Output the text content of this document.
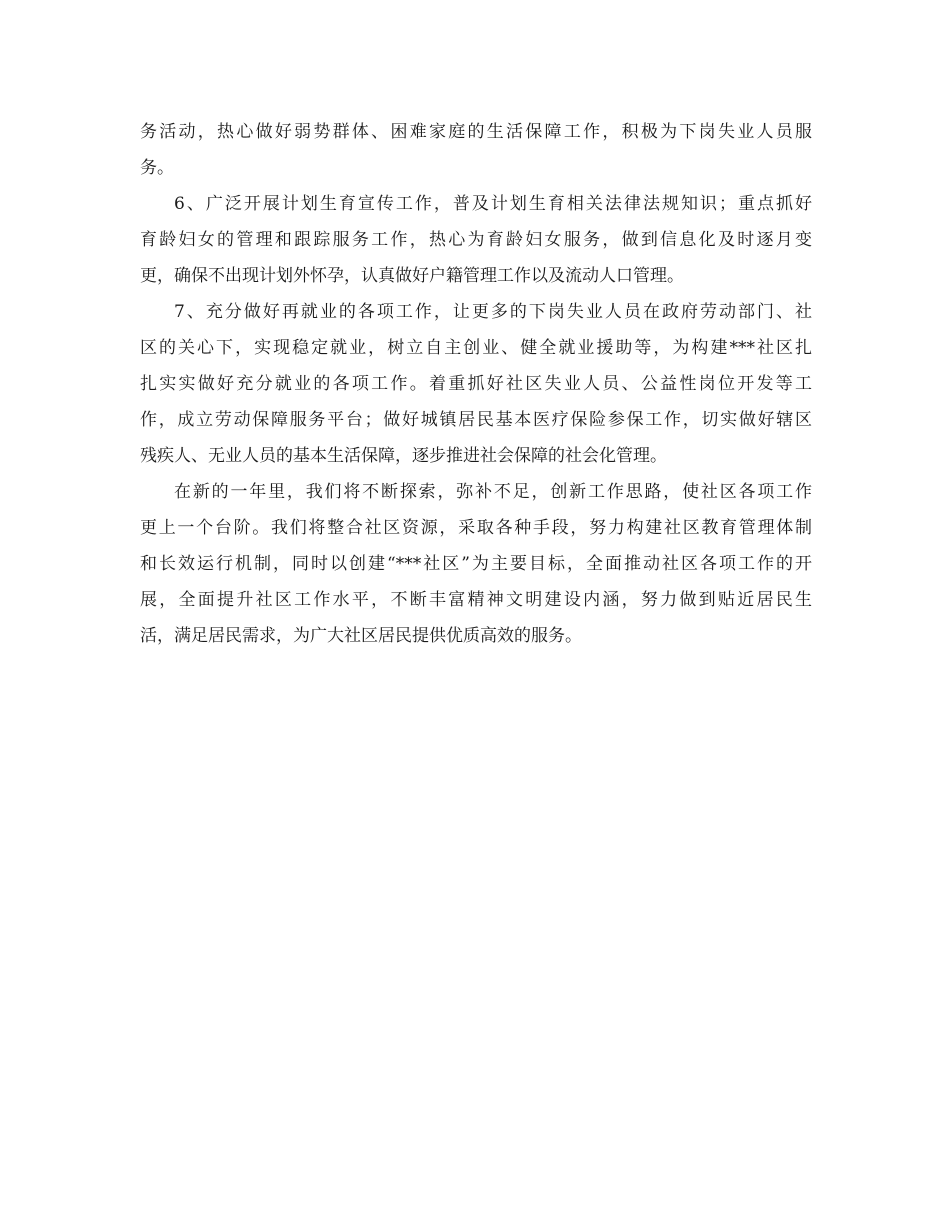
务活动，热心做好弱势群体、困难家庭的生活保障工作，积极为下岗失业人员服
务。
6、广泛开展计划生育宣传工作，普及计划生育相关法律法规知识；重点抓好
育龄妇女的管理和跟踪服务工作，热心为育龄妇女服务，做到信息化及时逐月变
更，确保不出现计划外怀孕，认真做好户籍管理工作以及流动人口管理。
7、充分做好再就业的各项工作，让更多的下岗失业人员在政府劳动部门、社
区的关心下，实现稳定就业，树立自主创业、健全就业援助等，为构建***社区扎
扎实实做好充分就业的各项工作。着重抓好社区失业人员、公益性岗位开发等工
作，成立劳动保障服务平台；做好城镇居民基本医疗保险参保工作，切实做好辖区
残疾人、无业人员的基本生活保障，逐步推进社会保障的社会化管理。
在新的一年里，我们将不断探索，弥补不足，创新工作思路，使社区各项工作
更上一个台阶。我们将整合社区资源，采取各种手段，努力构建社区教育管理体制
和长效运行机制，同时以创建“***社区”为主要目标，全面推动社区各项工作的开
展，全面提升社区工作水平，不断丰富精神文明建设内涵，努力做到贴近居民生
活，满足居民需求，为广大社区居民提供优质高效的服务。
